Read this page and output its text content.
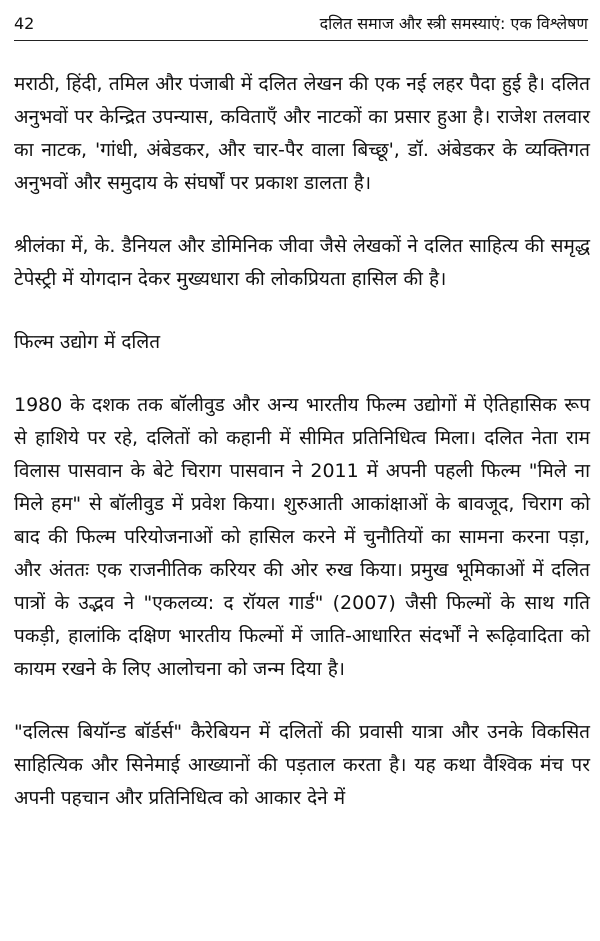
42	दलित समाज और स्त्री समस्याएं: एक विश्लेषण

मराठी, हिंदी, तमिल और पंजाबी में दलित लेखन की एक नई लहर पैदा हुई है। दलित अनुभवों पर केन्द्रित उपन्यास, कविताएँ और नाटकों का प्रसार हुआ है। राजेश तलवार का नाटक, 'गांधी, अंबेडकर, और चार-पैर वाला बिच्छू', डॉ. अंबेडकर के व्यक्तिगत अनुभवों और समुदाय के संघर्षों पर प्रकाश डालता है।

श्रीलंका में, के. डैनियल और डोमिनिक जीवा जैसे लेखकों ने दलित साहित्य की समृद्ध टेपेस्ट्री में योगदान देकर मुख्यधारा की लोकप्रियता हासिल की है।

फिल्म उद्योग में दलित

1980 के दशक तक बॉलीवुड और अन्य भारतीय फिल्म उद्योगों में ऐतिहासिक रूप से हाशिये पर रहे, दलितों को कहानी में सीमित प्रतिनिधित्व मिला। दलित नेता राम विलास पासवान के बेटे चिराग पासवान ने 2011 में अपनी पहली फिल्म "मिले ना मिले हम" से बॉलीवुड में प्रवेश किया। शुरुआती आकांक्षाओं के बावजूद, चिराग को बाद की फिल्म परियोजनाओं को हासिल करने में चुनौतियों का सामना करना पड़ा, और अंततः एक राजनीतिक करियर की ओर रुख किया। प्रमुख भूमिकाओं में दलित पात्रों के उद्भव ने "एकलव्य: द रॉयल गार्ड" (2007) जैसी फिल्मों के साथ गति पकड़ी, हालांकि दक्षिण भारतीय फिल्मों में जाति-आधारित संदर्भों ने रूढ़िवादिता को कायम रखने के लिए आलोचना को जन्म दिया है।

"दलित्स बियॉन्ड बॉर्डर्स" कैरेबियन में दलितों की प्रवासी यात्रा और उनके विकसित साहित्यिक और सिनेमाई आख्यानों की पड़ताल करता है। यह कथा वैश्विक मंच पर अपनी पहचान और प्रतिनिधित्व को आकार देने में
